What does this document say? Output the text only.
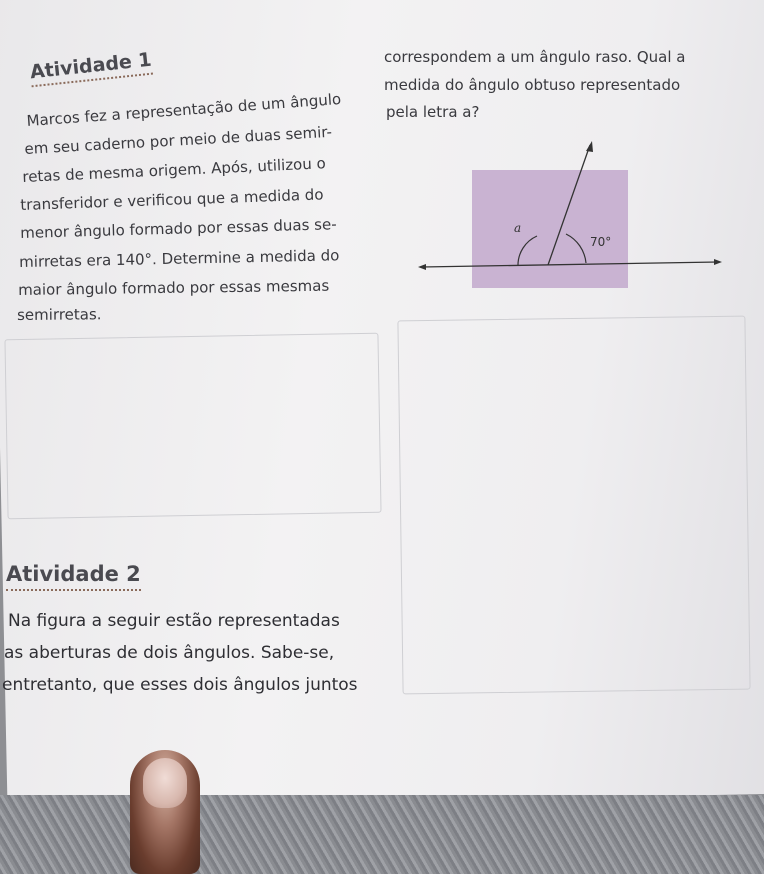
Atividade 1
Marcos fez a representação de um ângulo
em seu caderno por meio de duas semir-
retas de mesma origem. Após, utilizou o
transferidor e verificou que a medida do
menor ângulo formado por essas duas se-
mirretas era 140°. Determine a medida do
maior ângulo formado por essas mesmas
semirretas.
correspondem a um ângulo raso. Qual a
medida do ângulo obtuso representado
pela letra a?
a
70°
Atividade 2
Na figura a seguir estão representadas
as aberturas de dois ângulos. Sabe-se,
entretanto, que esses dois ângulos juntos
